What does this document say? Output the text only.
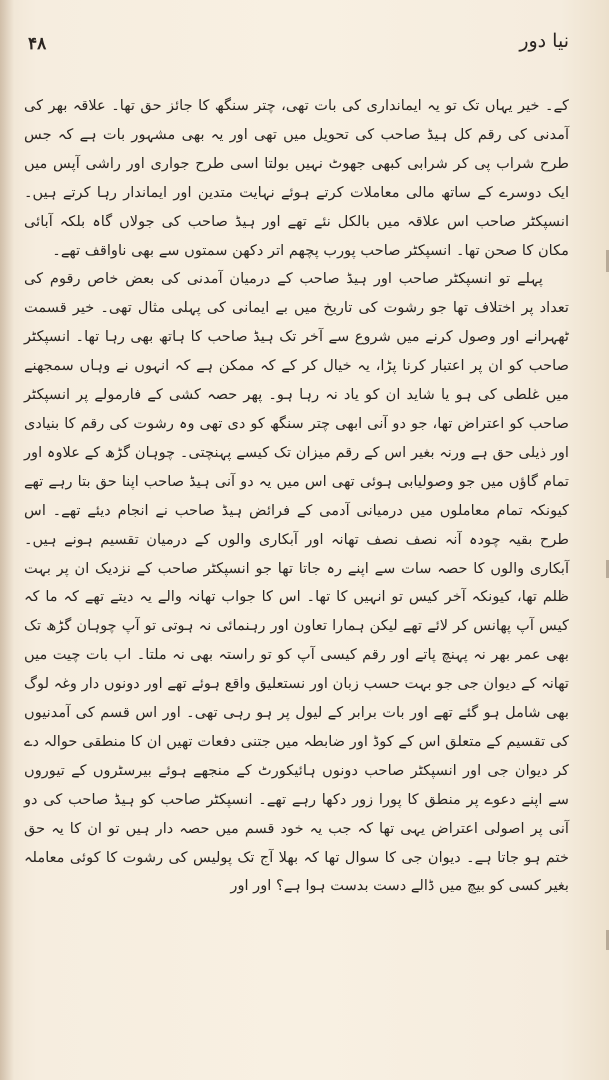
۴۸	نیا دور

کے۔ خیر یہاں تک تو یہ ایمانداری کی بات تھی، چتر سنگھ کا جائز حق تھا۔ علاقہ بھر کی آمدنی کی رقم کل ہیڈ صاحب کی تحویل میں تھی اور یہ بھی مشہور بات ہے کہ جس طرح شراب پی کر شرابی کبھی جھوٹ نہیں بولتا اسی طرح جواری اور راشی آپس میں ایک دوسرے کے ساتھ مالی معاملات کرتے ہوئے نہایت متدین اور ایماندار رہا کرتے ہیں۔ انسپکٹر صاحب اس علاقہ میں بالکل نئے تھے اور ہیڈ صاحب کی جولاں گاہ بلکہ آبائی مکان کا صحن تھا۔ انسپکٹر صاحب پورب پچھم اتر دکھن سمتوں سے بھی ناواقف تھے۔

پہلے تو انسپکٹر صاحب اور ہیڈ صاحب کے درمیان آمدنی کی بعض خاص رقوم کی تعداد پر اختلاف تھا جو رشوت کی تاریخ میں بے ایمانی کی پہلی مثال تھی۔ خیر قسمت ٹھہرانے اور وصول کرنے میں شروع سے آخر تک ہیڈ صاحب کا ہاتھ بھی رہا تھا۔ انسپکٹر صاحب کو ان پر اعتبار کرنا پڑا، یہ خیال کر کے کہ ممکن ہے کہ انہوں نے وہاں سمجھنے میں غلطی کی ہو یا شاید ان کو یاد نہ رہا ہو۔ پھر حصہ کشی کے فارمولے پر انسپکٹر صاحب کو اعتراض تھا، جو دو آنی ابھی چتر سنگھ کو دی تھی وہ رشوت کی رقم کا بنیادی اور ذیلی حق ہے ورنہ بغیر اس کے رقم میزان تک کیسے پہنچتی۔ چوہان گڑھ کے علاوہ اور تمام گاؤں میں جو وصولیابی ہوئی تھی اس میں یہ دو آنی ہیڈ صاحب اپنا حق بتا رہے تھے کیونکہ تمام معاملوں میں درمیانی آدمی کے فرائض ہیڈ صاحب نے انجام دیئے تھے۔ اس طرح بقیہ چودہ آنہ نصف نصف تھانہ اور آبکاری والوں کے درمیان تقسیم ہونے ہیں۔ آبکاری والوں کا حصہ سات سے اپنے رہ جاتا تھا جو انسپکٹر صاحب کے نزدیک ان پر بہت ظلم تھا، کیونکہ آخر کیس تو انہیں کا تھا۔ اس کا جواب تھانہ والے یہ دیتے تھے کہ ما کہ کیس آپ پھانس کر لائے تھے لیکن ہمارا تعاون اور رہنمائی نہ ہوتی تو آپ چوہان گڑھ تک بھی عمر بھر نہ پہنچ پاتے اور رقم کیسی آپ کو تو راستہ بھی نہ ملتا۔ اب بات چیت میں تھانہ کے دیوان جی جو بہت حسب زبان اور نستعلیق واقع ہوئے تھے اور دونوں دار وغہ لوگ بھی شامل ہو گئے تھے اور بات برابر کے لیول پر ہو رہی تھی۔ اور اس قسم کی آمدنیوں کی تقسیم کے متعلق اس کے کوڈ اور ضابطہ میں جتنی دفعات تھیں ان کا منطقی حوالہ دے کر دیوان جی اور انسپکٹر صاحب دونوں ہائیکورٹ کے منجھے ہوئے بیرسٹروں کے تیوروں سے اپنے دعوے پر منطق کا پورا زور دکھا رہے تھے۔ انسپکٹر صاحب کو ہیڈ صاحب کی دو آنی پر اصولی اعتراض یہی تھا کہ جب یہ خود قسم میں حصہ دار ہیں تو ان کا یہ حق ختم ہو جاتا ہے۔ دیوان جی کا سوال تھا کہ بھلا آج تک پولیس کی رشوت کا کوئی معاملہ بغیر کسی کو بیچ میں ڈالے دست بدست ہوا ہے؟ اور اور
